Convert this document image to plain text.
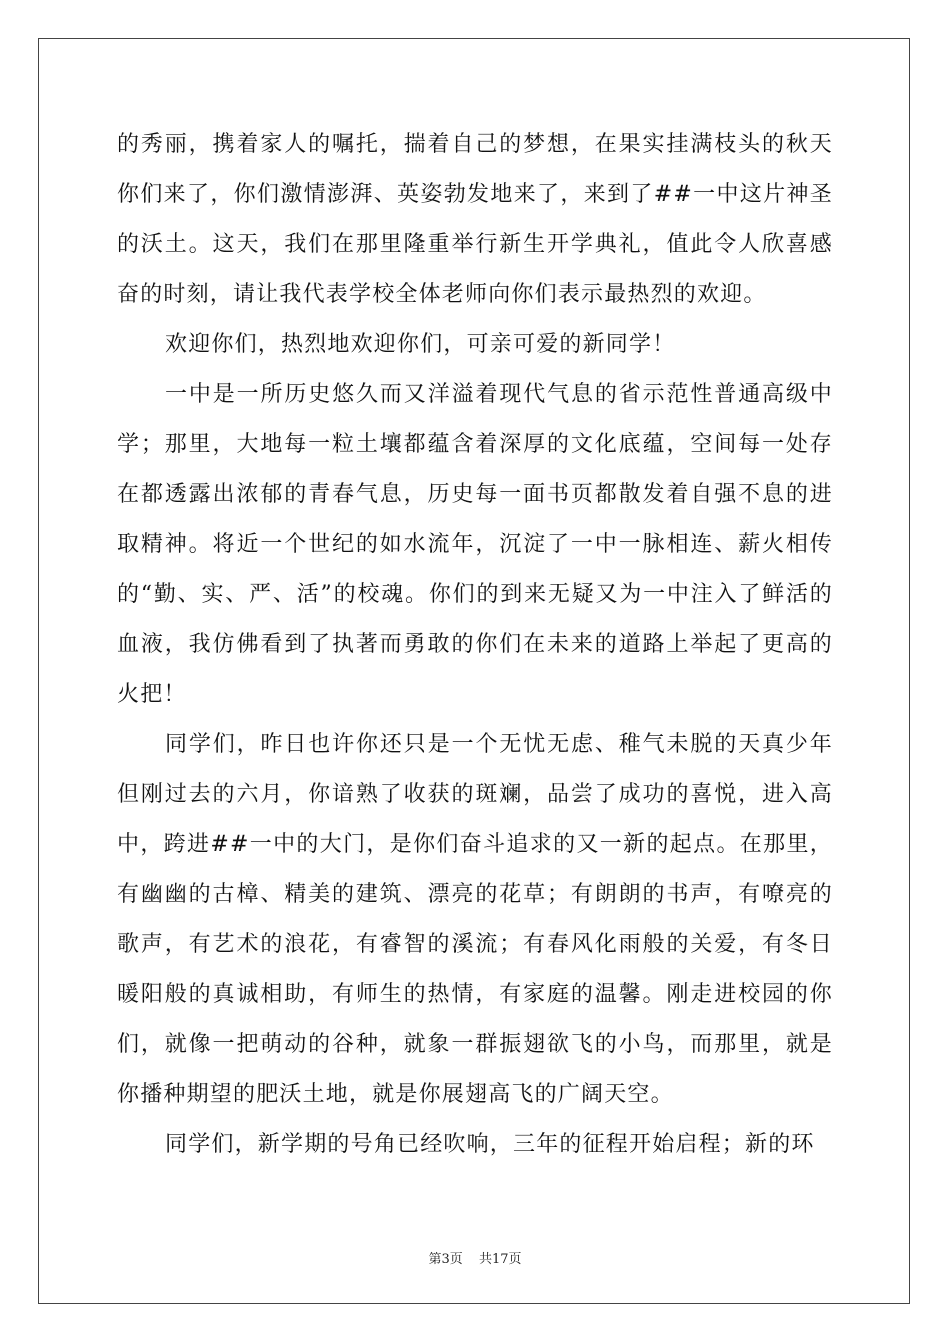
的秀丽，携着家人的嘱托，揣着自己的梦想，在果实挂满枝头的秋天你们来了，你们激情澎湃、英姿勃发地来了，来到了##一中这片神圣的沃土。这天，我们在那里隆重举行新生开学典礼，值此令人欣喜感奋的时刻，请让我代表学校全体老师向你们表示最热烈的欢迎。

欢迎你们，热烈地欢迎你们，可亲可爱的新同学！

一中是一所历史悠久而又洋溢着现代气息的省示范性普通高级中学；那里，大地每一粒土壤都蕴含着深厚的文化底蕴，空间每一处存在都透露出浓郁的青春气息，历史每一面书页都散发着自强不息的进取精神。将近一个世纪的如水流年，沉淀了一中一脉相连、薪火相传的“勤、实、严、活”的校魂。你们的到来无疑又为一中注入了鲜活的血液，我仿佛看到了执著而勇敢的你们在未来的道路上举起了更高的火把！

同学们，昨日也许你还只是一个无忧无虑、稚气未脱的天真少年但刚过去的六月，你谙熟了收获的斑斓，品尝了成功的喜悦，进入高中，跨进##一中的大门，是你们奋斗追求的又一新的起点。在那里，有幽幽的古樟、精美的建筑、漂亮的花草；有朗朗的书声，有嘹亮的歌声，有艺术的浪花，有睿智的溪流；有春风化雨般的关爱，有冬日暖阳般的真诚相助，有师生的热情，有家庭的温馨。刚走进校园的你们，就像一把萌动的谷种，就象一群振翅欲飞的小鸟，而那里，就是你播种期望的肥沃土地，就是你展翅高飞的广阔天空。

同学们，新学期的号角已经吹响，三年的征程开始启程；新的环

第3页 共17页
